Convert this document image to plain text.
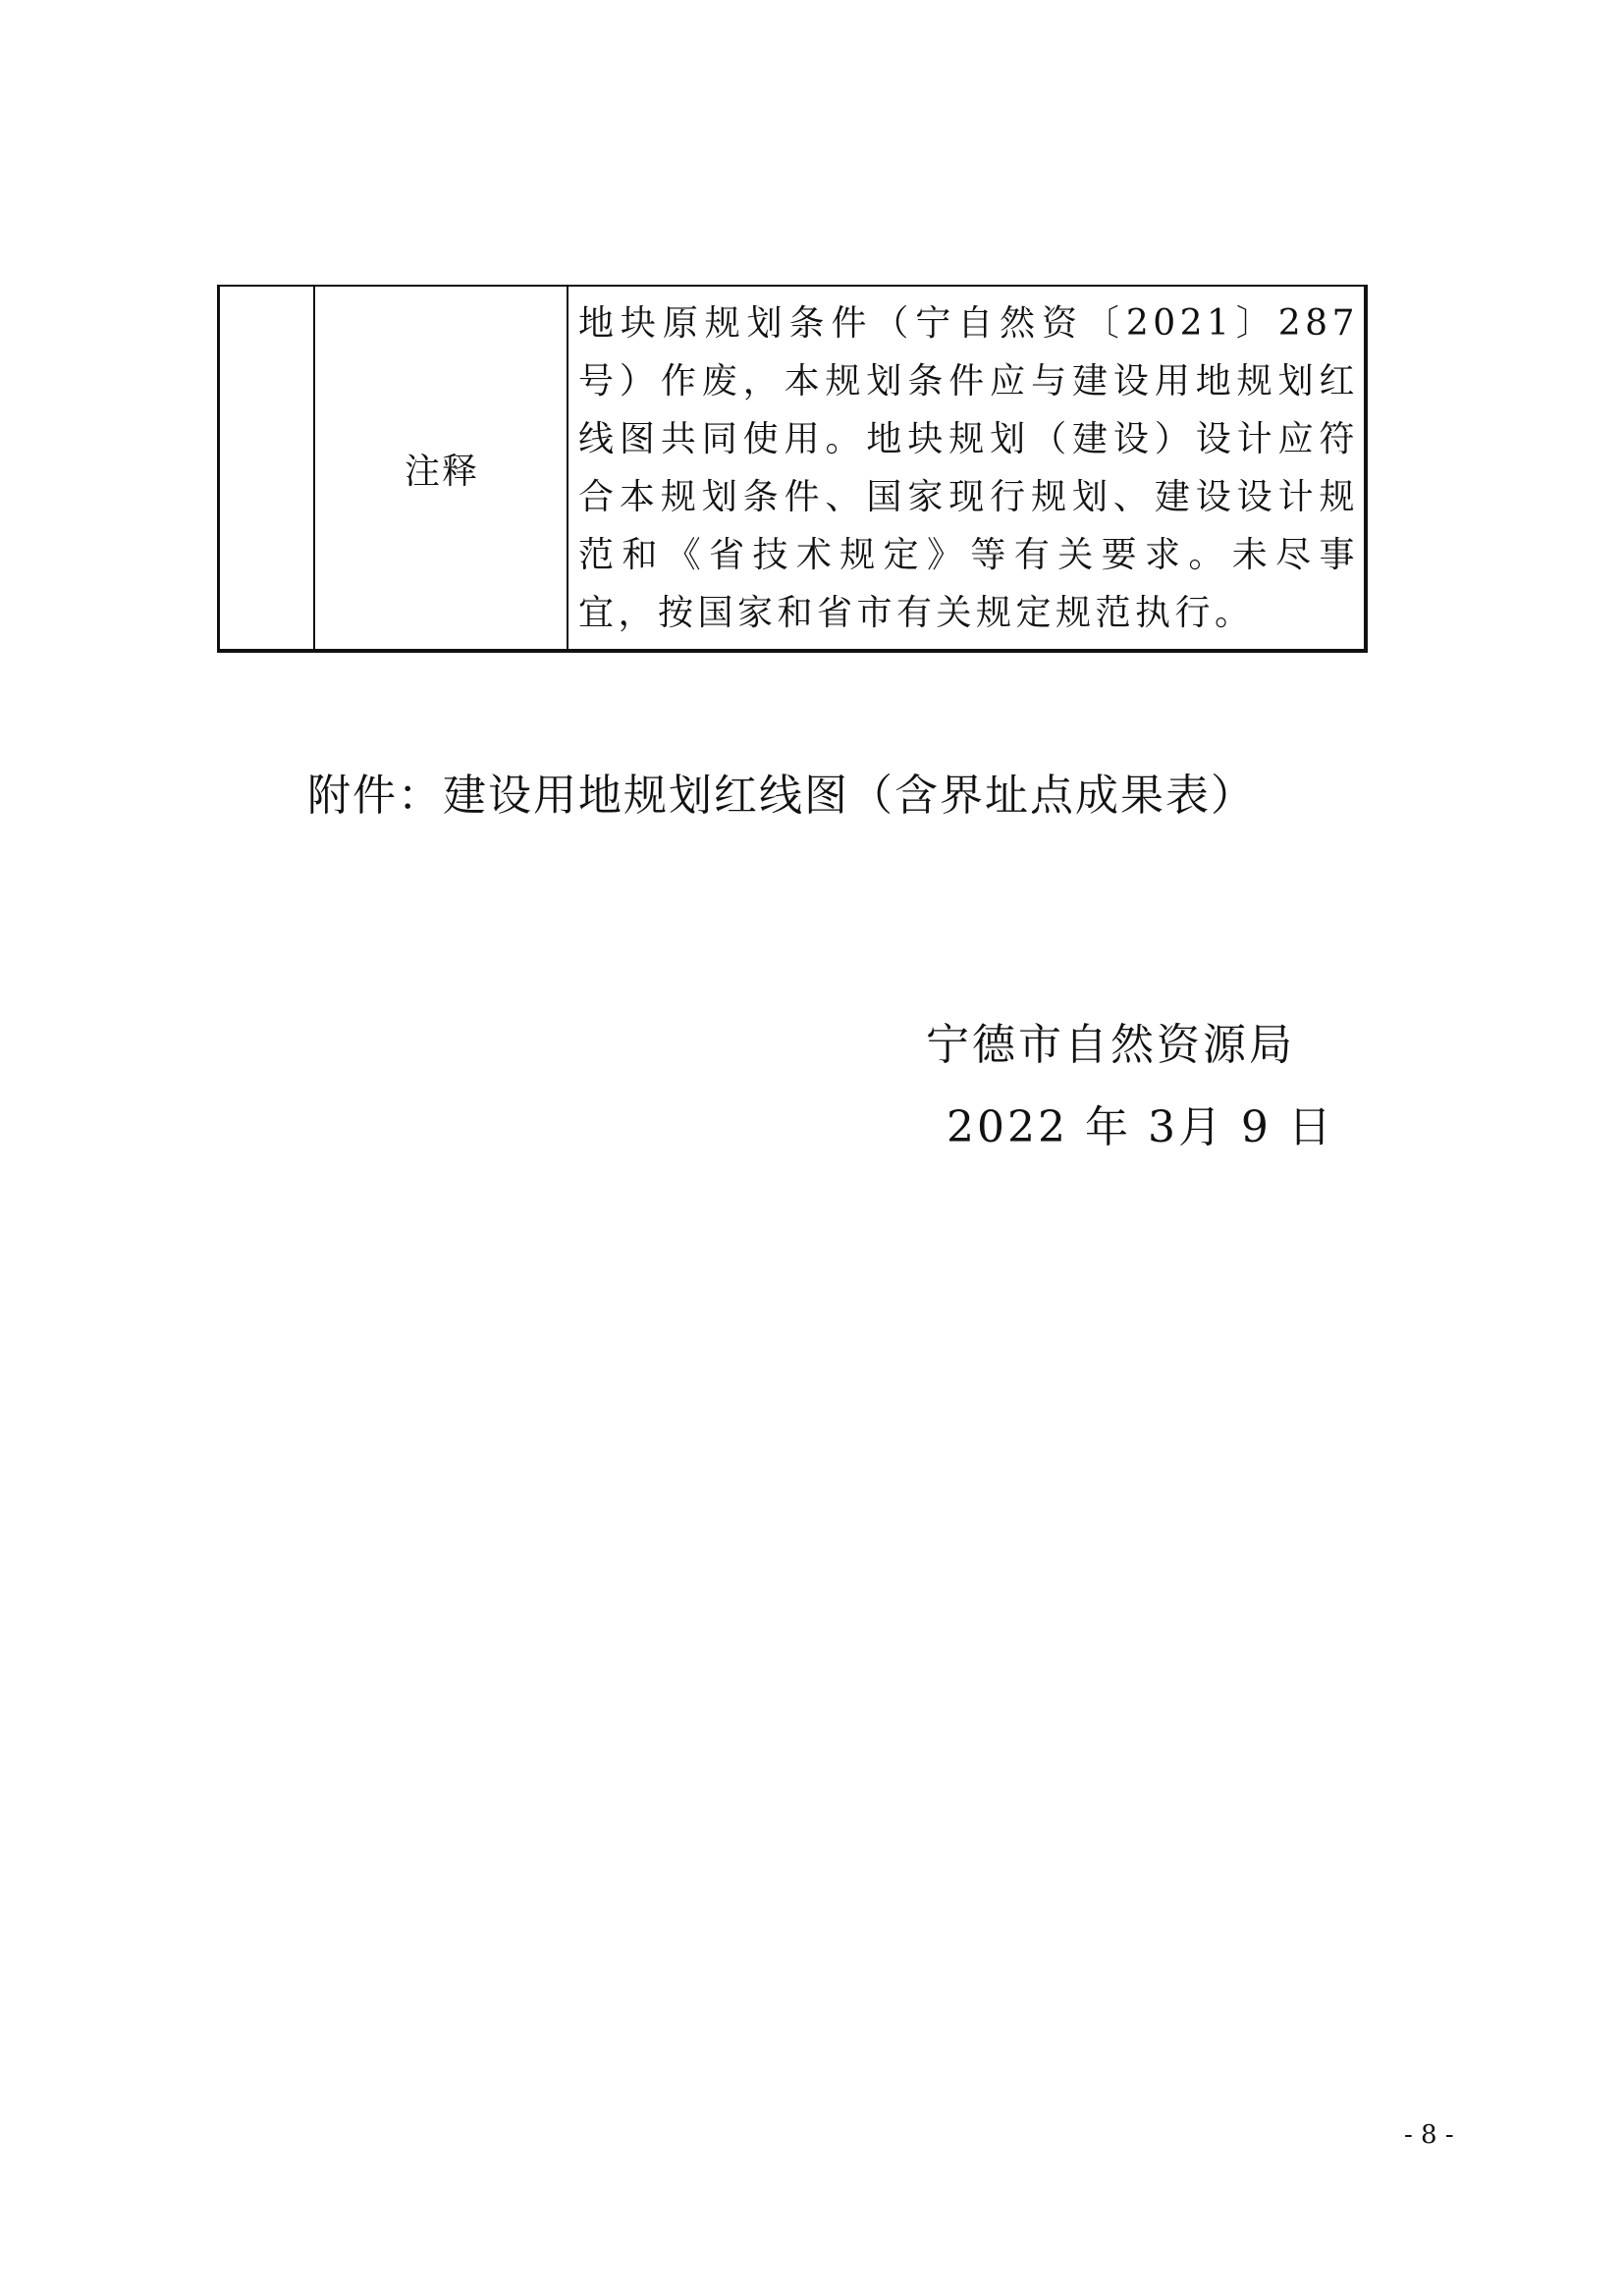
注释
地块原规划条件（宁自然资〔2021〕287号）作废，本规划条件应与建设用地规划红线图共同使用。地块规划（建设）设计应符合本规划条件、国家现行规划、建设设计规范和《省技术规定》等有关要求。未尽事宜，按国家和省市有关规定规范执行。
附件：建设用地规划红线图（含界址点成果表）
宁德市自然资源局
2022 年 3月 9 日
- 8 -
